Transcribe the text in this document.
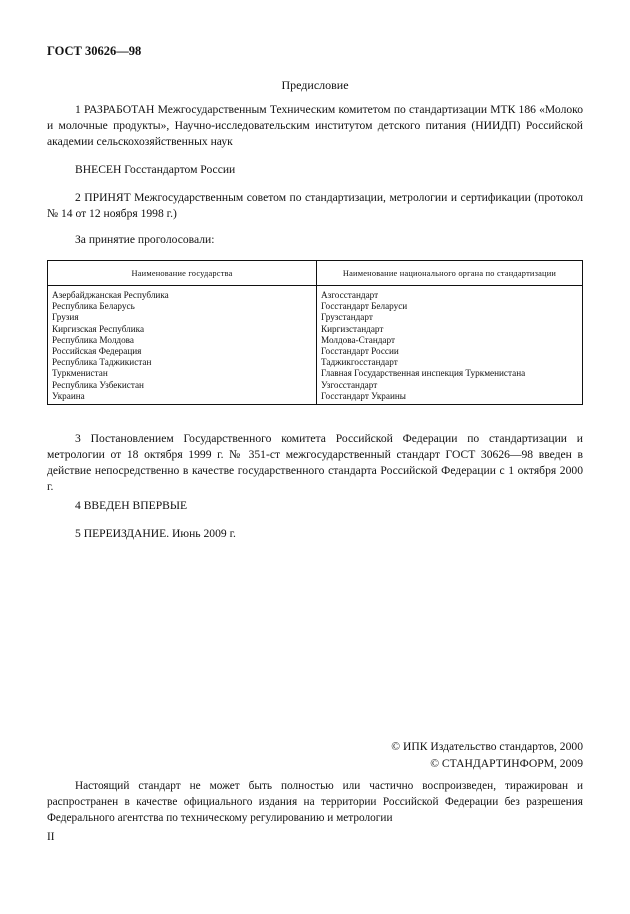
ГОСТ 30626—98
Предисловие
1 РАЗРАБОТАН Межгосударственным Техническим комитетом по стандартизации МТК 186 «Молоко и молочные продукты», Научно-исследовательским институтом детского питания (НИИДП) Российской академии сельскохозяйственных наук
ВНЕСЕН Госстандартом России
2 ПРИНЯТ Межгосударственным советом по стандартизации, метрологии и сертификации (протокол № 14 от 12 ноября 1998 г.)
За принятие проголосовали:
Наименование государства	Наименование национального органа по стандартизации
Азербайджанская Республика	Азгосстандарт
Республика Беларусь	Госстандарт Беларуси
Грузия	Грузстандарт
Киргизская Республика	Киргизстандарт
Республика Молдова	Молдова-Стандарт
Российская Федерация	Госстандарт России
Республика Таджикистан	Таджикгосстандарт
Туркменистан	Главная Государственная инспекция Туркменистана
Республика Узбекистан	Узгосстандарт
Украина	Госстандарт Украины
3 Постановлением Государственного комитета Российской Федерации по стандартизации и метрологии от 18 октября 1999 г. № 351-ст межгосударственный стандарт ГОСТ 30626—98 введен в действие непосредственно в качестве государственного стандарта Российской Федерации с 1 октября 2000 г.
4 ВВЕДЕН ВПЕРВЫЕ
5 ПЕРЕИЗДАНИЕ. Июнь 2009 г.
© ИПК Издательство стандартов, 2000
© СТАНДАРТИНФОРМ, 2009
Настоящий стандарт не может быть полностью или частично воспроизведен, тиражирован и распространен в качестве официального издания на территории Российской Федерации без разрешения Федерального агентства по техническому регулированию и метрологии
II
